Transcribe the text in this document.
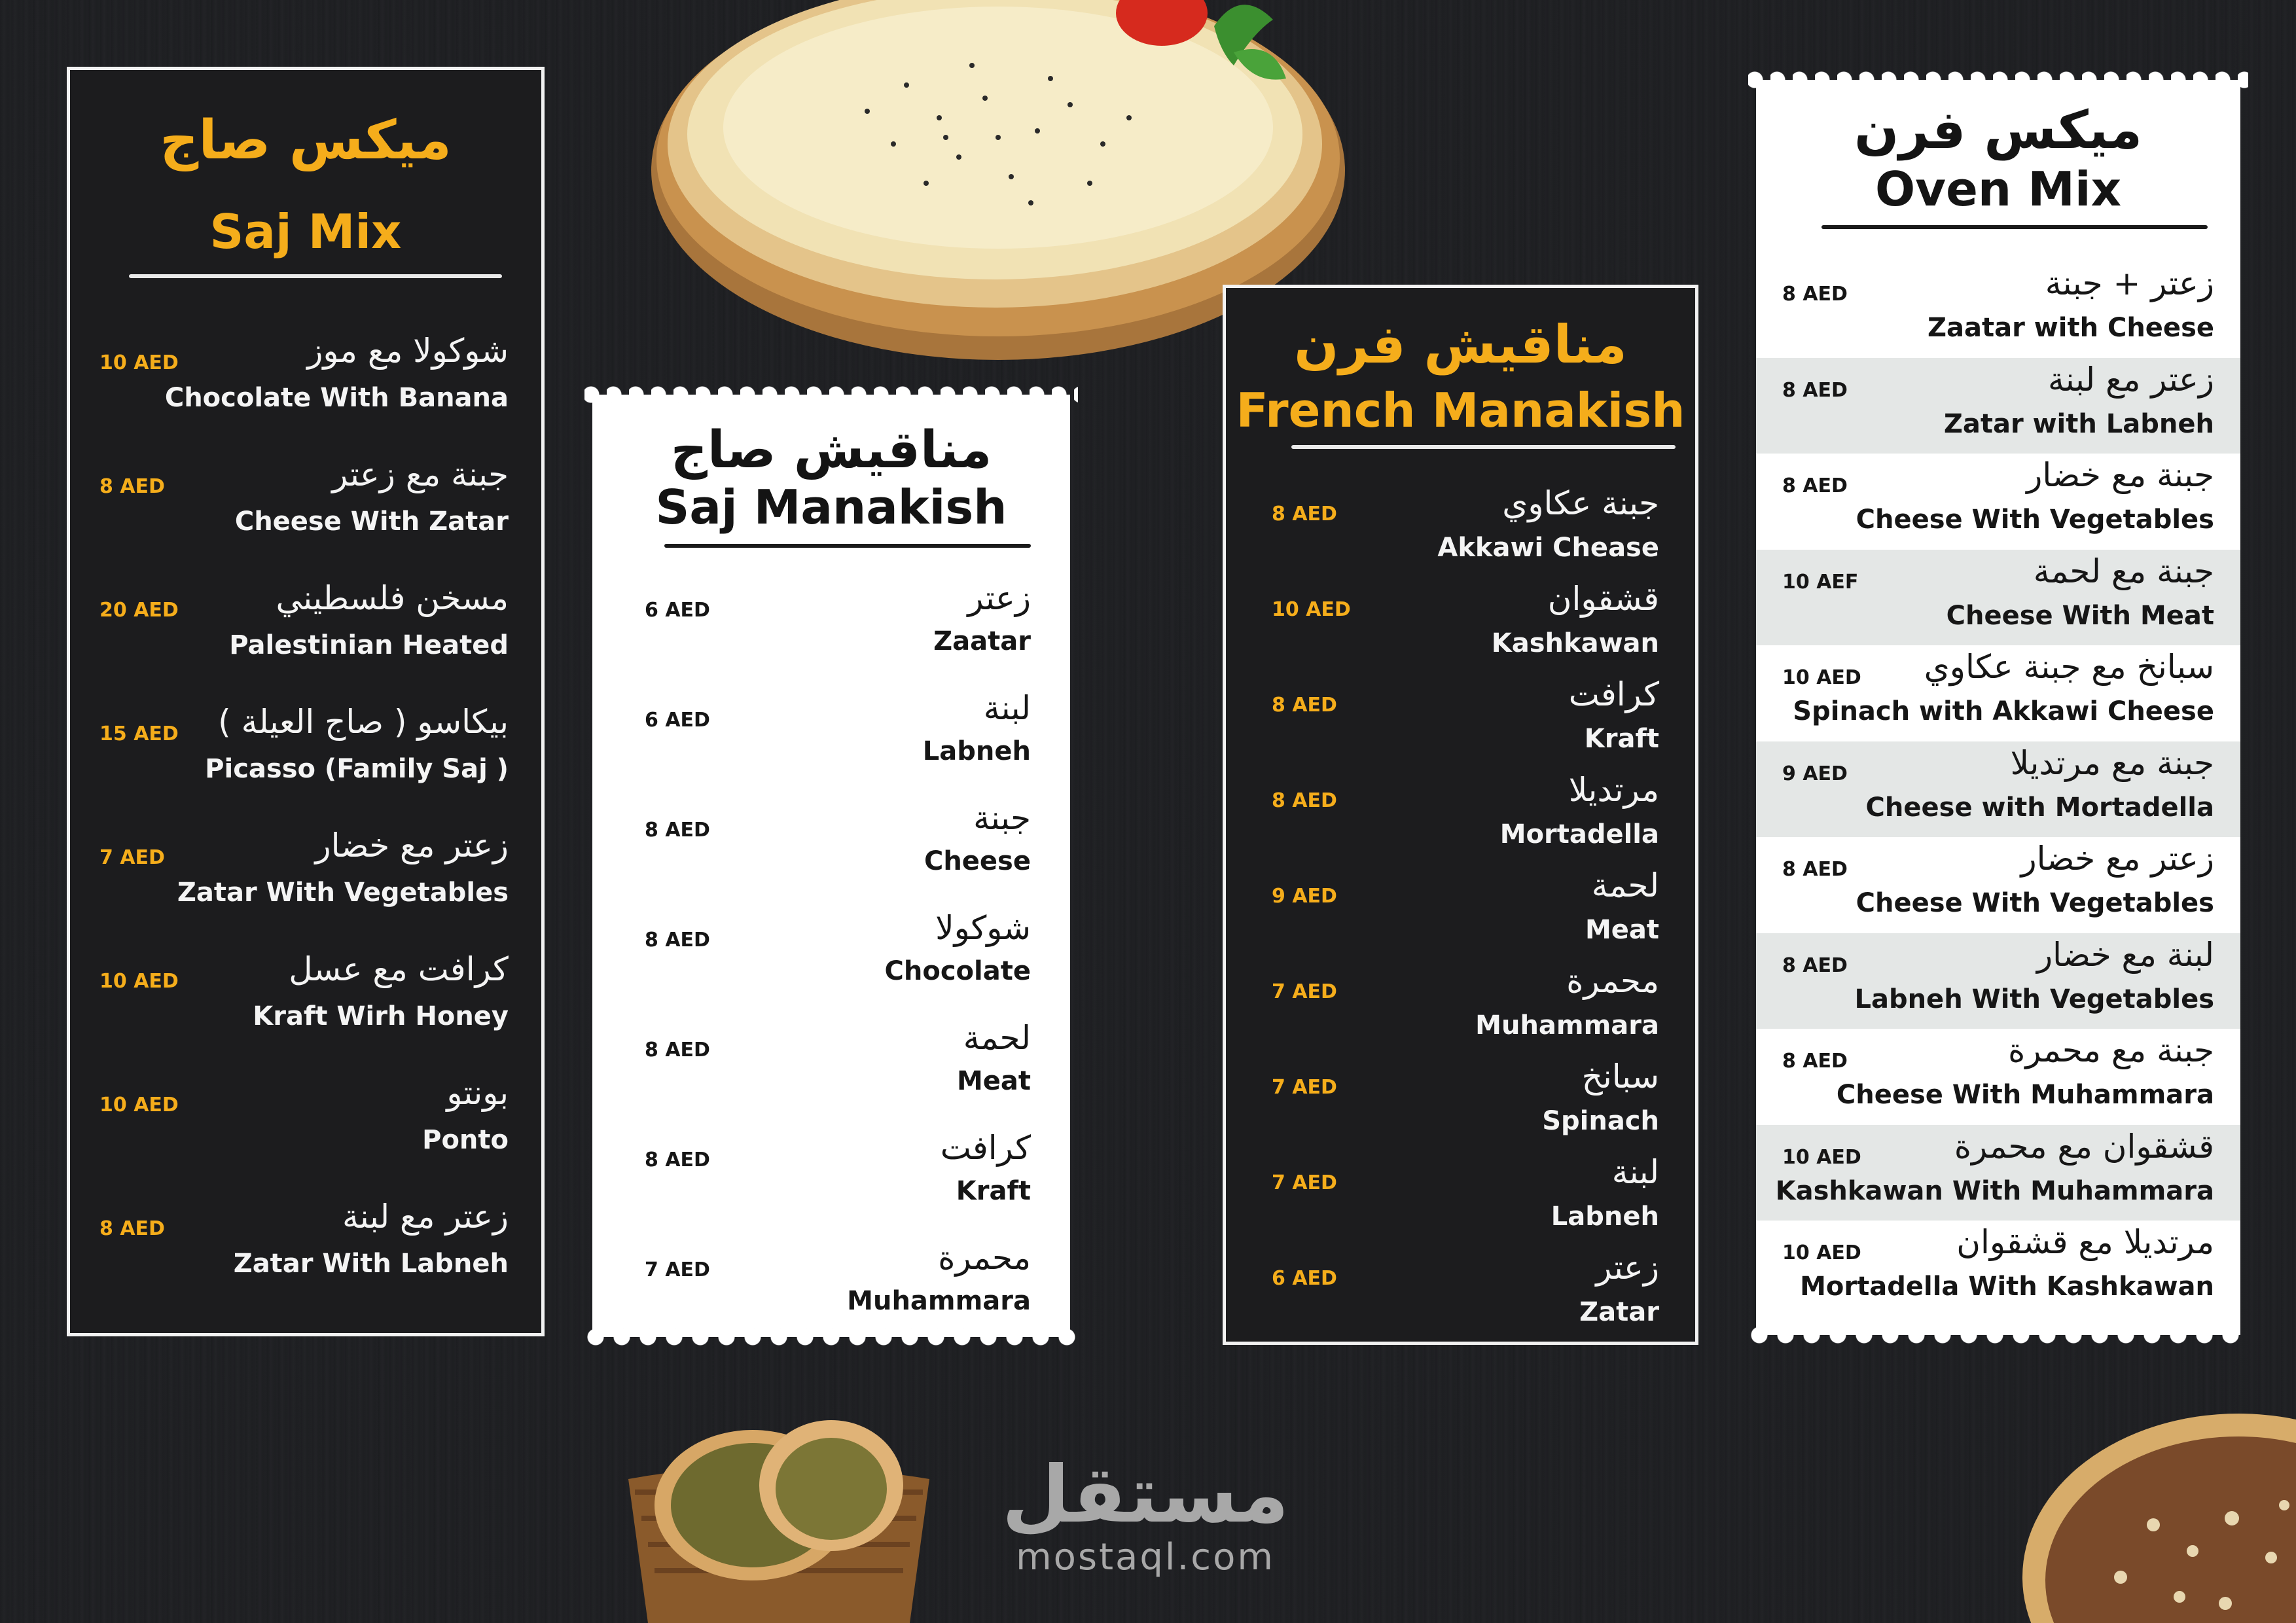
مستقل
mostaql.com
ميكس صاج
Saj Mix
شوكولا مع موز
Chocolate With Banana
10 AED
جبنة مع زعتر
Cheese With Zatar
8 AED
مسخن فلسطيني
Palestinian Heated
20 AED
بيكاسو ( صاج العيلة )
Picasso (Family Saj )
15 AED
زعتر مع خضار
Zatar With Vegetables
7 AED
كرافت مع عسل
Kraft Wirh Honey
10 AED
بونتو
Ponto
10 AED
زعتر مع لبنة
Zatar With Labneh
8 AED
مناقيش صاج
Saj Manakish
زعتر
Zaatar
6 AED
لبنة
Labneh
6 AED
جبنة
Cheese
8 AED
شوكولا
Chocolate
8 AED
لحمة
Meat
8 AED
كرافت
Kraft
8 AED
محمرة
Muhammara
7 AED
مناقيش فرن
French Manakish
جبنة عكاوي
Akkawi Chease
8 AED
قشقوان
Kashkawan
10 AED
كرافت
Kraft
8 AED
مرتديلا
Mortadella
8 AED
لحمة
Meat
9 AED
محمرة
Muhammara
7 AED
سبانخ
Spinach
7 AED
لبنة
Labneh
7 AED
زعتر
Zatar
6 AED
ميكس فرن
Oven Mix
زعتر + جبنة
Zaatar with Cheese
8 AED
زعتر مع لبنة
Zatar with Labneh
8 AED
جبنة مع خضار
Cheese With Vegetables
8 AED
جبنة مع لحمة
Cheese With Meat
10 AEF
سبانخ مع جبنة عكاوي
Spinach with Akkawi Cheese
10 AED
جبنة مع مرتديلا
Cheese with Mortadella
9 AED
زعتر مع خضار
Cheese With Vegetables
8 AED
لبنة مع خضار
Labneh With Vegetables
8 AED
جبنة مع محمرة
Cheese With Muhammara
8 AED
قشقوان مع محمرة
Kashkawan With Muhammara
10 AED
مرتديلا مع قشقوان
Mortadella With Kashkawan
10 AED
